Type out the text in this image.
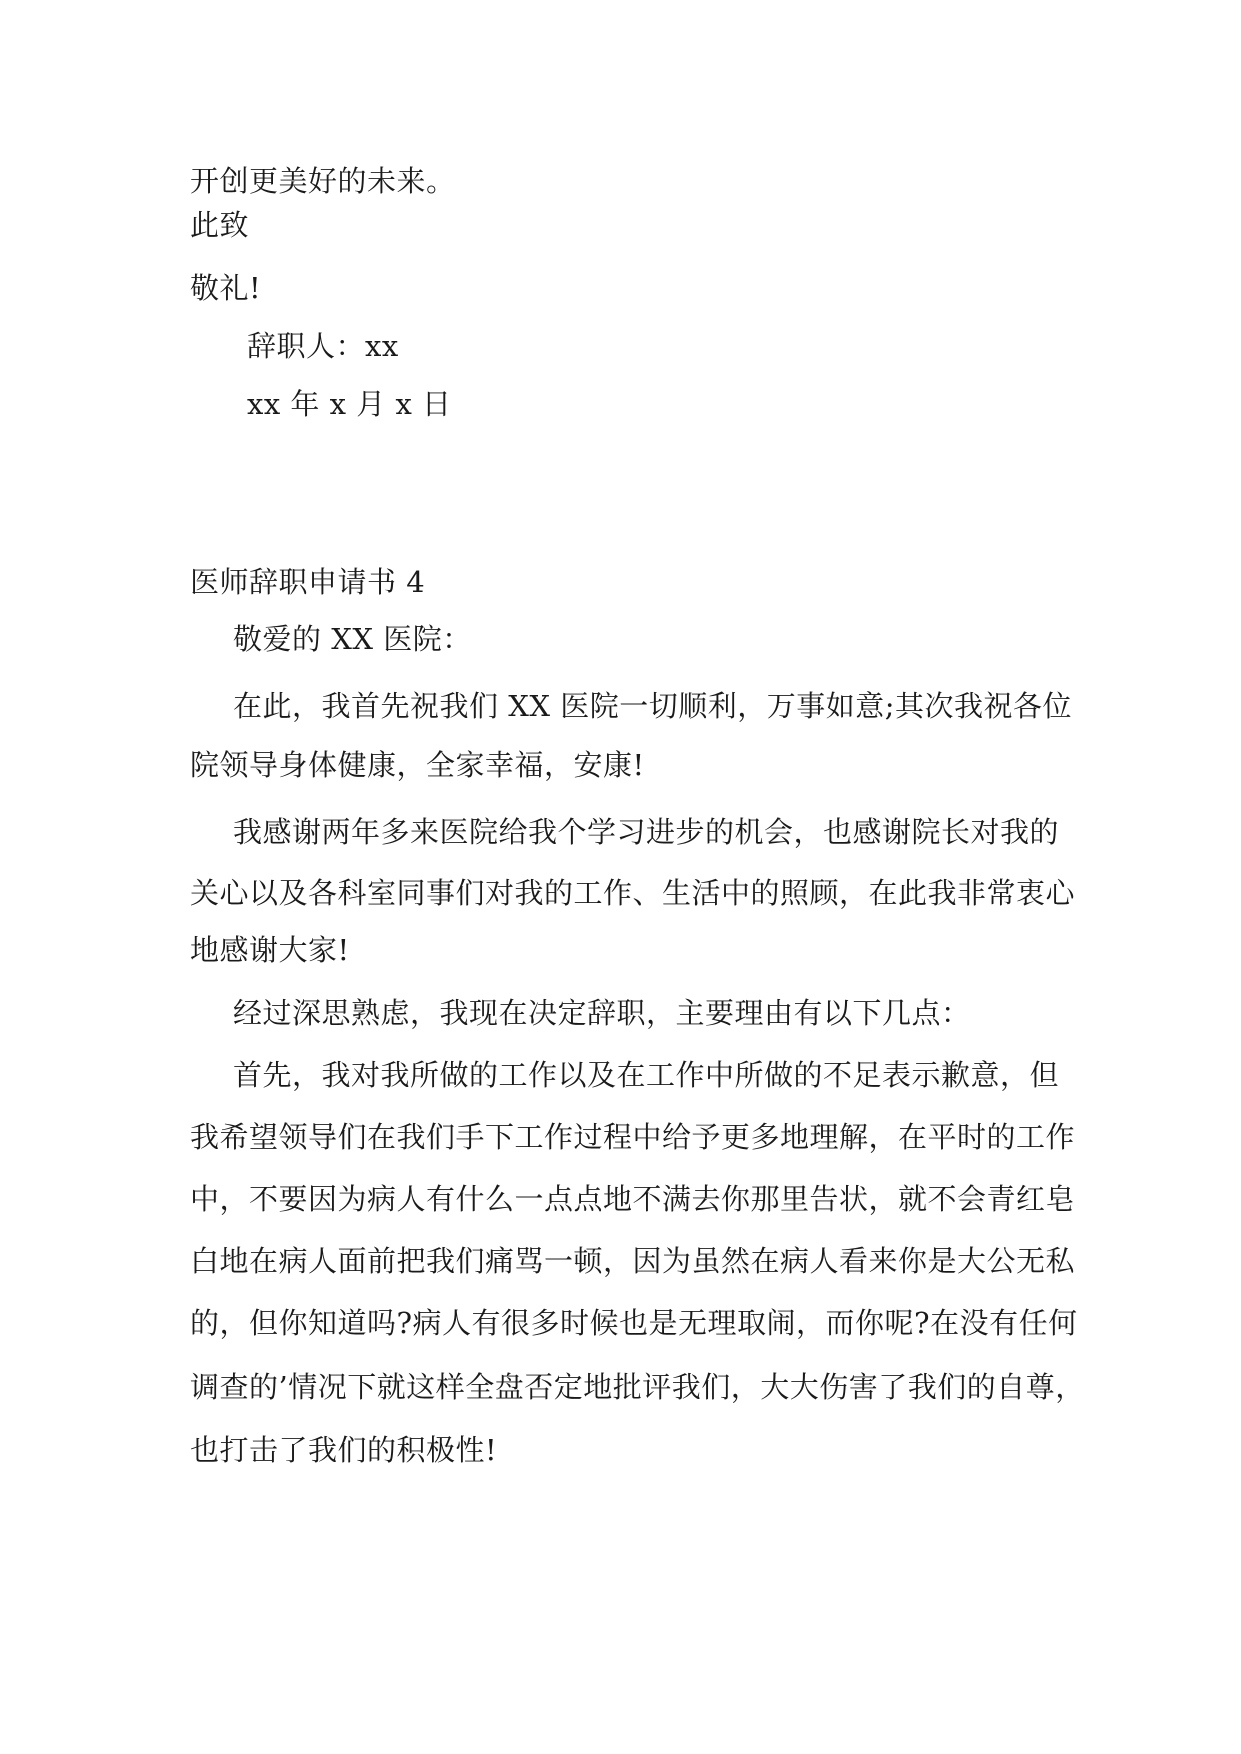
开创更美好的未来。
此致
敬礼!
辞职人：xx
xx 年 x 月 x 日
医师辞职申请书 4
敬爱的 XX 医院：
在此，我首先祝我们 XX 医院一切顺利，万事如意;其次我祝各位
院领导身体健康，全家幸福，安康!
我感谢两年多来医院给我个学习进步的机会，也感谢院长对我的
关心以及各科室同事们对我的工作、生活中的照顾，在此我非常衷心
地感谢大家!
经过深思熟虑，我现在决定辞职，主要理由有以下几点：
首先，我对我所做的工作以及在工作中所做的不足表示歉意，但
我希望领导们在我们手下工作过程中给予更多地理解，在平时的工作
中，不要因为病人有什么一点点地不满去你那里告状，就不会青红皂
白地在病人面前把我们痛骂一顿，因为虽然在病人看来你是大公无私
的，但你知道吗?病人有很多时候也是无理取闹，而你呢?在没有任何
调查的’情况下就这样全盘否定地批评我们，大大伤害了我们的自尊，
也打击了我们的积极性!
